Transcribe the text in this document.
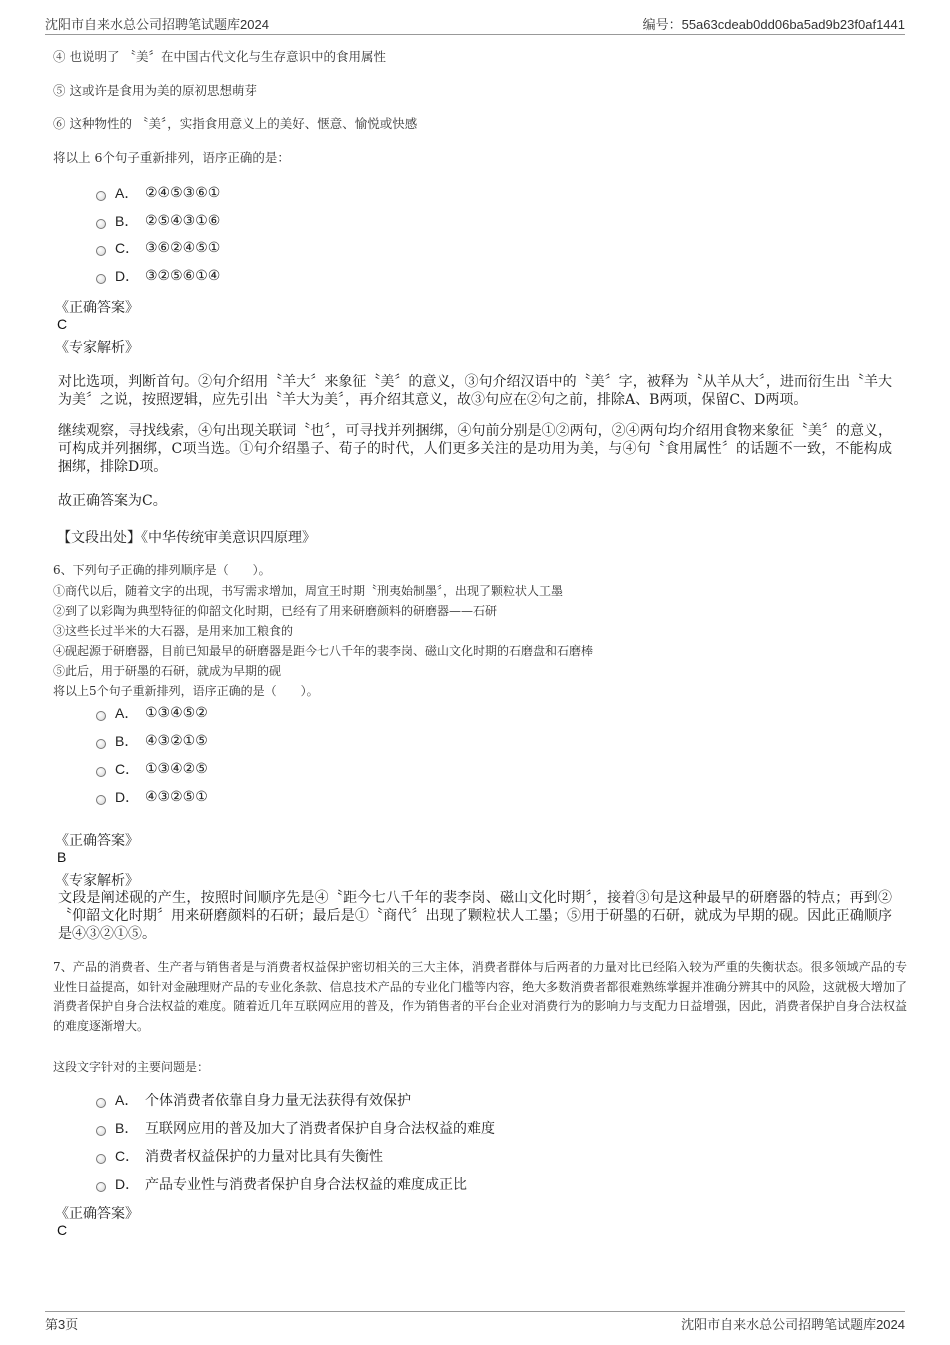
沈阳市自来水总公司招聘笔试题库2024	编号：55a63cdeab0dd06ba5ad9b23f0af1441
④ 也说明了 〝美〞在中国古代文化与生存意识中的食用属性
⑤ 这或许是食用为美的原初思想萌芽
⑥ 这种物性的 〝美〞，实指食用意义上的美好、惬意、愉悦或快感
将以上 6个句子重新排列，语序正确的是：
A． ②④⑤③⑥①
B． ②⑤④③①⑥
C． ③⑥②④⑤①
D． ③②⑤⑥①④
《正确答案》
C
《专家解析》
对比选项，判断首句。②句介绍用〝羊大〞来象征〝美〞的意义，③句介绍汉语中的〝美〞字，被释为〝从羊从大〞，进而衍生出〝羊大为美〞之说，按照逻辑，应先引出〝羊大为美〞，再介绍其意义，故③句应在②句之前，排除A、B两项，保留C、D两项。
继续观察，寻找线索，④句出现关联词〝也〞，可寻找并列捆绑，④句前分别是①②两句，②④两句均介绍用食物来象征〝美〞的意义，可构成并列捆绑，C项当选。①句介绍墨子、荀子的时代，人们更多关注的是功用为美，与④句〝食用属性〞的话题不一致，不能构成捆绑，排除D项。
故正确答案为C。
【文段出处】《中华传统审美意识四原理》
6、下列句子正确的排列顺序是（　　）。
①商代以后，随着文字的出现，书写需求增加，周宣王时期〝刑夷始制墨〞，出现了颗粒状人工墨
②到了以彩陶为典型特征的仰韶文化时期，已经有了用来研磨颜料的研磨器——石研
③这些长过半米的大石器，是用来加工粮食的
④砚起源于研磨器，目前已知最早的研磨器是距今七八千年的裴李岗、磁山文化时期的石磨盘和石磨棒
⑤此后，用于研墨的石研，就成为早期的砚
将以上5个句子重新排列，语序正确的是（　　）。
A． ①③④⑤②
B． ④③②①⑤
C． ①③④②⑤
D． ④③②⑤①
《正确答案》
B
《专家解析》
文段是阐述砚的产生，按照时间顺序先是④〝距今七八千年的裴李岗、磁山文化时期〞，接着③句是这种最早的研磨器的特点；再到②〝仰韶文化时期〞用来研磨颜料的石研；最后是①〝商代〞出现了颗粒状人工墨；⑤用于研墨的石研，就成为早期的砚。因此正确顺序是④③②①⑤。
7、产品的消费者、生产者与销售者是与消费者权益保护密切相关的三大主体，消费者群体与后两者的力量对比已经陷入较为严重的失衡状态。很多领域产品的专业性日益提高，如针对金融理财产品的专业化条款、信息技术产品的专业化门槛等内容，绝大多数消费者都很难熟练掌握并准确分辨其中的风险，这就极大增加了消费者保护自身合法权益的难度。随着近几年互联网应用的普及，作为销售者的平台企业对消费行为的影响力与支配力日益增强，因此，消费者保护自身合法权益的难度逐渐增大。
这段文字针对的主要问题是：
A． 个体消费者依靠自身力量无法获得有效保护
B． 互联网应用的普及加大了消费者保护自身合法权益的难度
C． 消费者权益保护的力量对比具有失衡性
D． 产品专业性与消费者保护自身合法权益的难度成正比
《正确答案》
C
第3页	沈阳市自来水总公司招聘笔试题库2024
